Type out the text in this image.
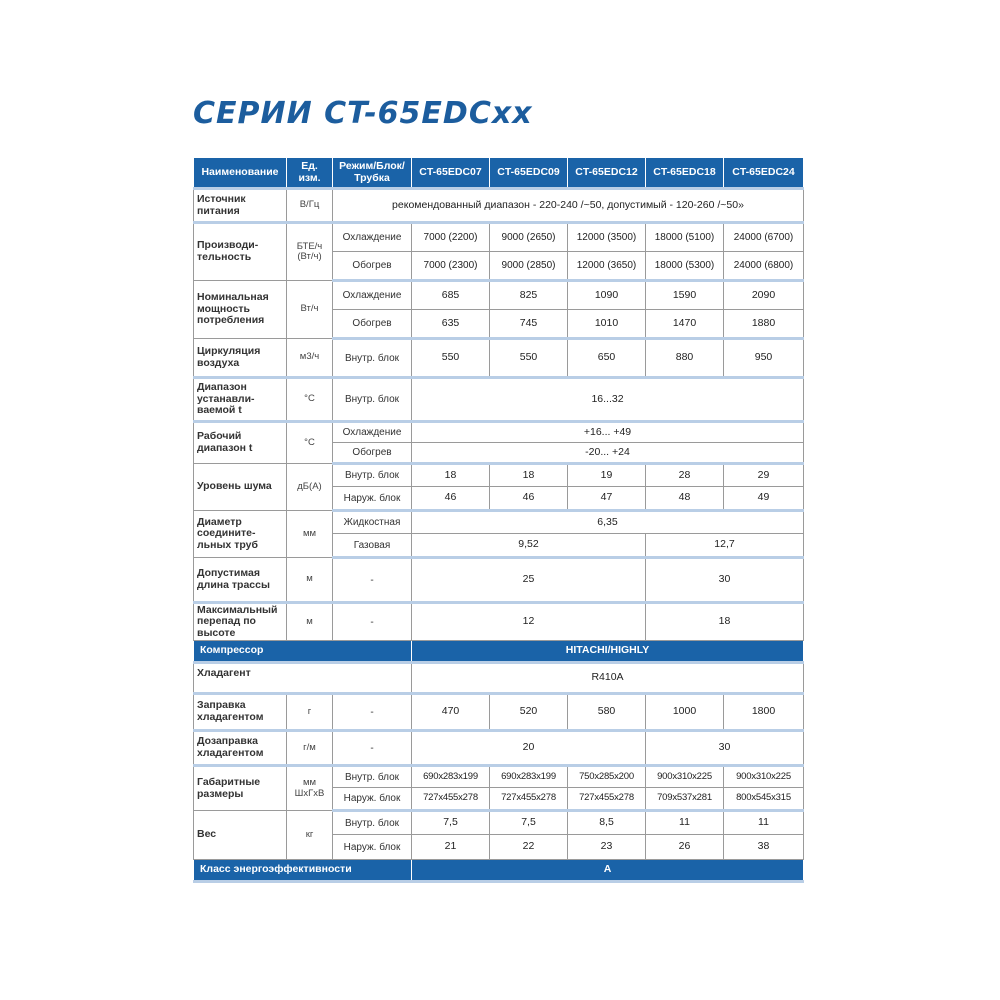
СЕРИИ CT-65EDCxx
Наименование	Ед. изм.	Режим/Блок/ Трубка	CT-65EDC07	CT-65EDC09	CT-65EDC12	CT-65EDC18	CT-65EDC24
Источник питания	В/Гц	рекомендованный диапазон - 220-240 /~50, допустимый - 120-260 /~50»					
Производи- тельность	БТЕ/ч (Вт/ч)	Охлаждение	7000 (2200)	9000 (2650)	12000 (3500)	18000 (5100)	24000 (6700)
		Обогрев	7000 (2300)	9000 (2850)	12000 (3650)	18000 (5300)	24000 (6800)
Номинальная мощность потребления	Вт/ч	Охлаждение	685	825	1090	1590	2090
		Обогрев	635	745	1010	1470	1880
Циркуляция воздуха	м3/ч	Внутр. блок	550	550	650	880	950
Диапазон устанавли- ваемой t	°С	Внутр. блок	16...32				
Рабочий диапазон t	°С	Охлаждение	+16... +49				
		Обогрев	-20... +24				
Уровень шума	дБ(А)	Внутр. блок	18	18	19	28	29
		Наруж. блок	46	46	47	48	49
Диаметр соедините- льных труб	мм	Жидкостная	6,35				
		Газовая	9,52			12,7	
Допустимая длина трассы	м	-	25			30	
Максимальный перепад по высоте	м	-	12			18	
Компрессор			HITACHI/HIGHLY				
Хладагент			R410A				
Заправка хладагентом	г	-	470	520	580	1000	1800
Дозаправка хладагентом	г/м	-	20			30	
Габаритные размеры	мм ШхГхВ	Внутр. блок	690x283x199	690x283x199	750x285x200	900x310x225	900x310x225
		Наруж. блок	727x455x278	727x455x278	727x455x278	709x537x281	800x545x315
Вес	кг	Внутр. блок	7,5	7,5	8,5	11	11
		Наруж. блок	21	22	23	26	38
Класс энергоэффективности			A				
